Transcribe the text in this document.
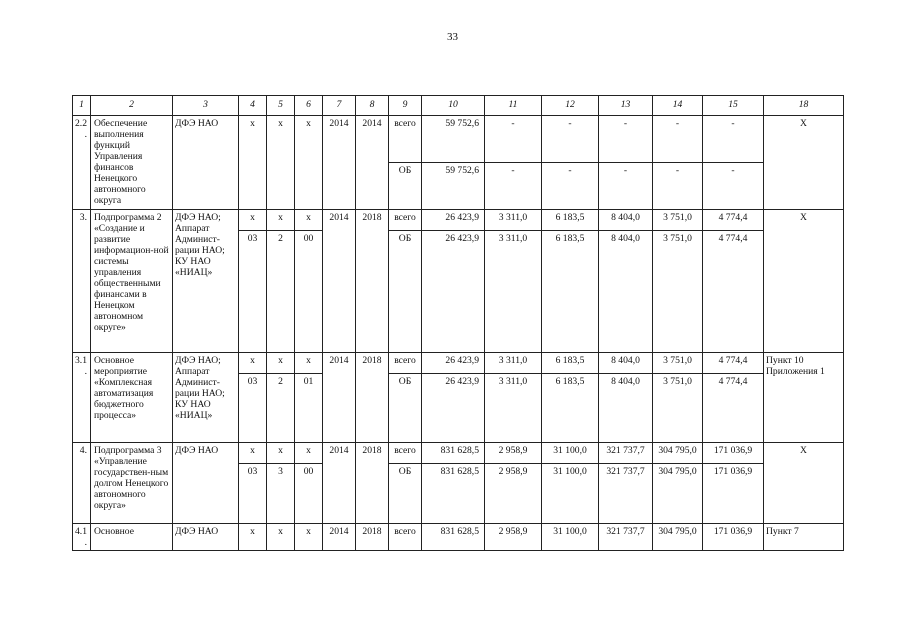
33
1	2	3	4	5	6	7	8	9	10	11	12	13	14	15	18
2.2.	Обеспечение выполнения функций Управления финансов Ненецкого автономного округа	ДФЭ НАО	х	х	х	2014	2014	всего	59 752,6	-	-	-	-	-	Х
								ОБ	59 752,6	-	-	-	-	-	
3.	Подпрограмма 2 «Создание и развитие информацион-ной системы управления общественными финансами в Ненецком автономном округе»	ДФЭ НАО; Аппарат Админист-рации НАО; КУ НАО «НИАЦ»	х	х	х	2014	2018	всего	26 423,9	3 311,0	6 183,5	8 404,0	3 751,0	4 774,4	Х
			03	2	00			ОБ	26 423,9	3 311,0	6 183,5	8 404,0	3 751,0	4 774,4	
3.1.	Основное мероприятие «Комплексная автоматизация бюджетного процесса»	ДФЭ НАО; Аппарат Админист-рации НАО; КУ НАО «НИАЦ»	х	х	х	2014	2018	всего	26 423,9	3 311,0	6 183,5	8 404,0	3 751,0	4 774,4	Пункт 10 Приложения 1
			03	2	01			ОБ	26 423,9	3 311,0	6 183,5	8 404,0	3 751,0	4 774,4	
4.	Подпрограмма 3 «Управление государствен-ным долгом Ненецкого автономного округа»	ДФЭ НАО	х	х	х	2014	2018	всего	831 628,5	2 958,9	31 100,0	321 737,7	304 795,0	171 036,9	Х
			03	3	00			ОБ	831 628,5	2 958,9	31 100,0	321 737,7	304 795,0	171 036,9	
4.1.	Основное	ДФЭ НАО	х	х	х	2014	2018	всего	831 628,5	2 958,9	31 100,0	321 737,7	304 795,0	171 036,9	Пункт 7
